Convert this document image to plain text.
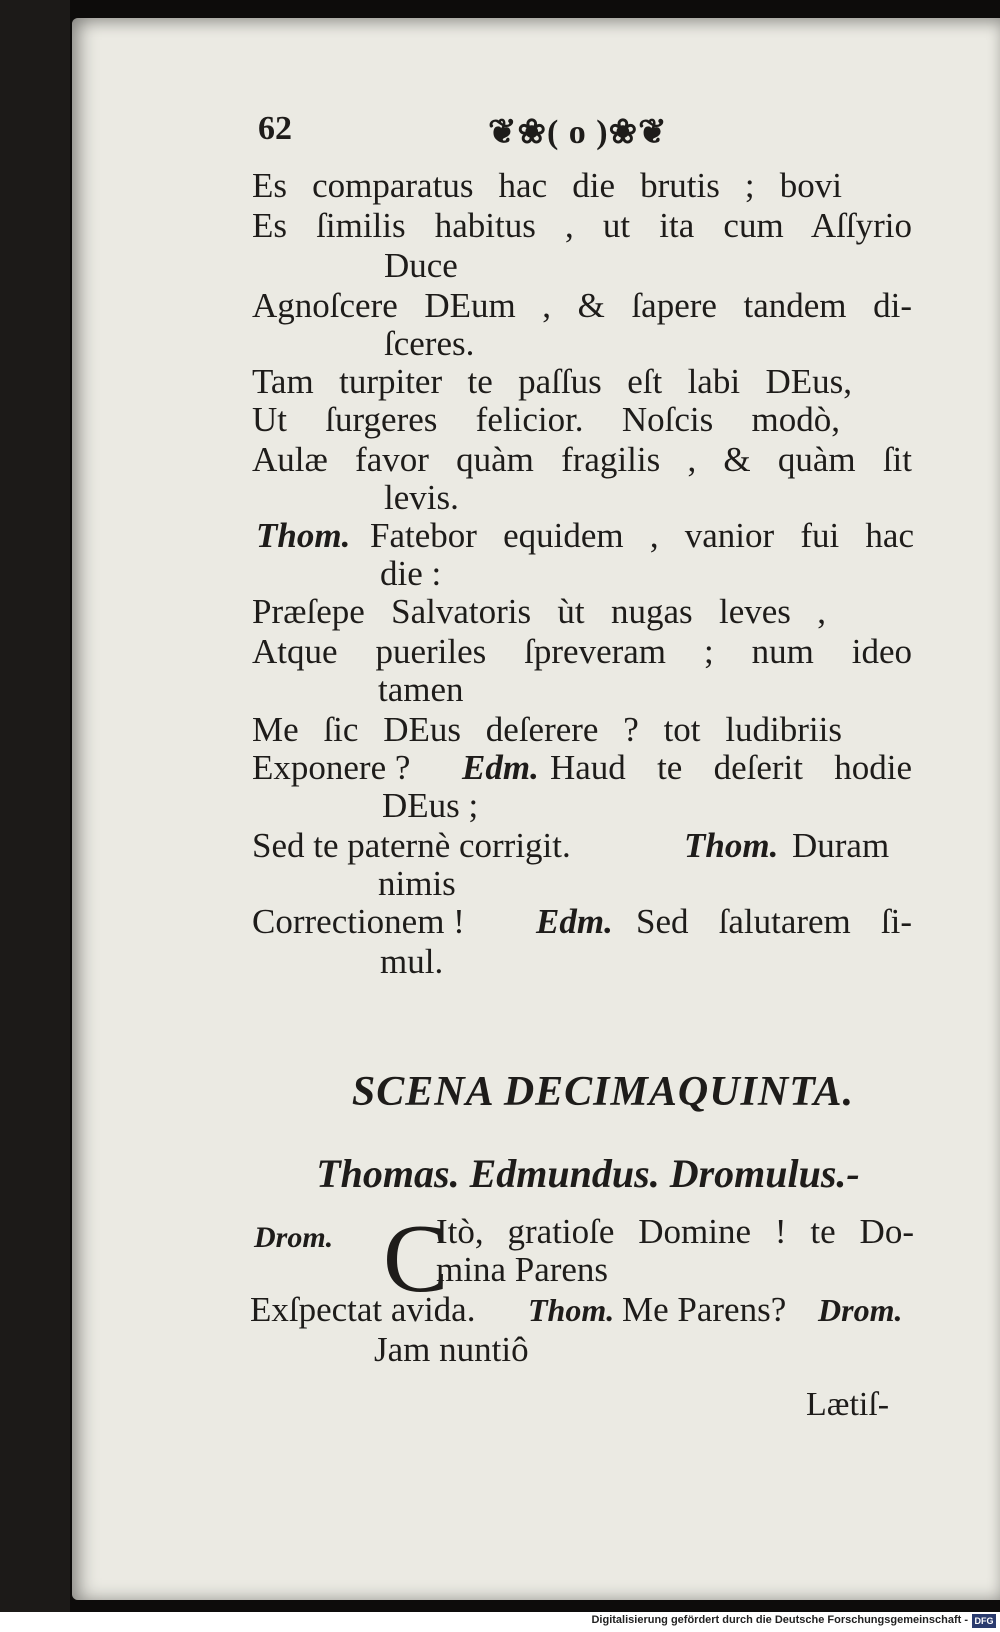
62	❦❀( o )❀❦
Es comparatus hac die brutis ; bovi
Es ſimilis habitus , ut ita cum Aſſyrio
Duce
Agnoſcere DEum , & ſapere tandem di-
ſceres.
Tam turpiter te paſſus eſt labi DEus,
Ut ſurgeres felicior. Noſcis modò,
Aulæ favor quàm fragilis , & quàm ſit
levis.
Thom. Fatebor equidem , vanior fui hac
die :
Præſepe Salvatoris ùt nugas leves ,
Atque pueriles ſpreveram ; num ideo
tamen
Me ſic DEus deſerere ? tot ludibriis
Exponere ? Edm. Haud te deſerit hodie
DEus ;
Sed te paternè corrigit.	Thom. Duram
nimis
Correctionem ! Edm. Sed ſalutarem ſi-
mul.
SCENA DECIMAQUINTA.
Thomas. Edmundus. Dromulus.-
Drom. C
Itò, gratioſe Domine ! te Do-
mina Parens
Exſpectat avida. Thom. Me Parens? Drom.
Jam nuntiô
Lætiſ-
Digitalisierung gefördert durch die Deutsche Forschungsgemeinschaft - DFG
